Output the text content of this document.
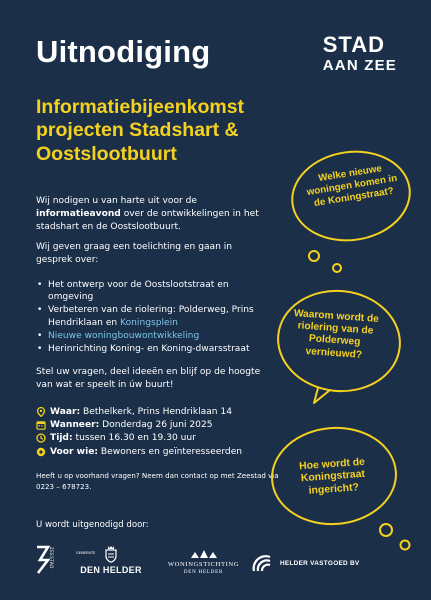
Uitnodiging	STAD
AAN ZEE
Informatiebijeenkomst
projecten Stadshart &
Oostslootbuurt

Wij nodigen u van harte uit voor de informatieavond over de ontwikkelingen in het stadshart en de Oostslootbuurt.

Wij geven graag een toelichting en gaan in gesprek over:

• Het ontwerp voor de Oostslootstraat en omgeving
• Verbeteren van de riolering: Polderweg, Prins Hendriklaan en Koningsplein
• Nieuwe woningbouwontwikkeling
• Herinrichting Koning- en Koning-dwarsstraat

Stel uw vragen, deel ideeën en blijf op de hoogte van wat er speelt in úw buurt!

Waar: Bethelkerk, Prins Hendriklaan 14
Wanneer: Donderdag 26 juni 2025
Tijd: tussen 16.30 en 19.30 uur
Voor wie: Bewoners en geïnteresseerden

Heeft u op voorhand vragen? Neem dan contact op met Zeestad via 0223 – 678723.

U wordt uitgenodigd door:

ZEESTAD	GEMEENTE
DEN HELDER
WONINGSTICHTING
DEN HELDER
HELDER VASTGOED BV

Welke nieuwe woningen komen in de Koningstraat?

Waarom wordt de riolering van de Polderweg vernieuwd?

Hoe wordt de Koningstraat ingericht?
